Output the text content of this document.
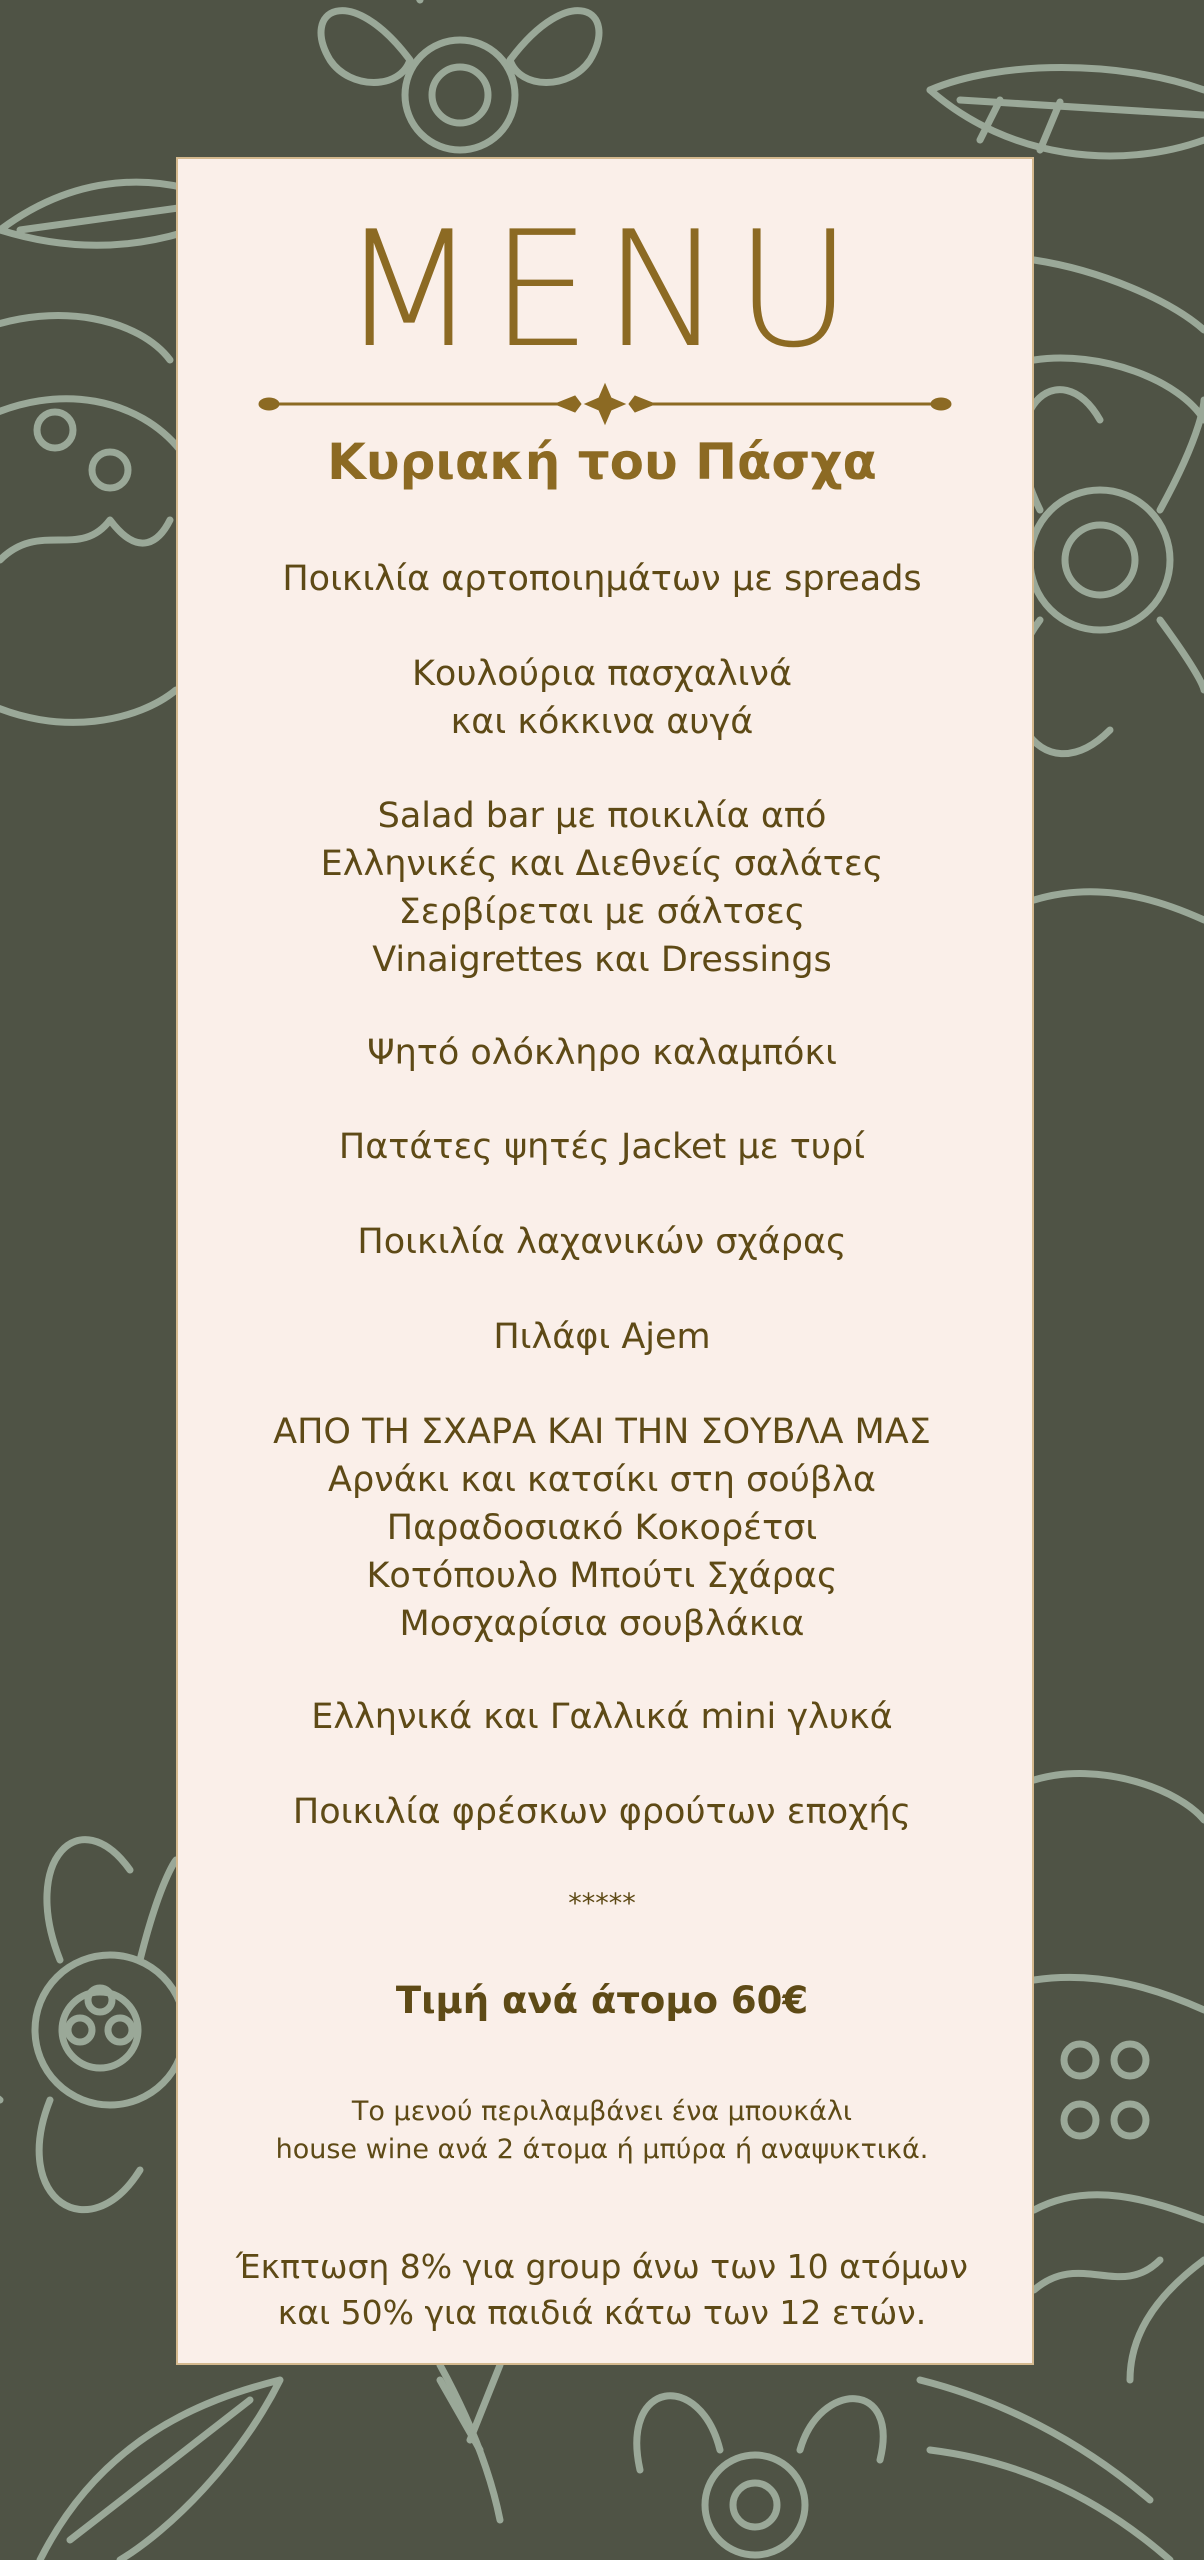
MENU
Κυριακή του Πάσχα
Ποικιλία αρτοποιημάτων με spreads
Κουλούρια πασχαλινά
και κόκκινα αυγά
Salad bar με ποικιλία από
Ελληνικές και Διεθνείς σαλάτες
Σερβίρεται με σάλτσες
Vinaigrettes και Dressings
Ψητό ολόκληρο καλαμπόκι
Πατάτες ψητές Jacket με τυρί
Ποικιλία λαχανικών σχάρας
Πιλάφι Ajem
ΑΠΟ ΤΗ ΣΧΑΡΑ ΚΑΙ ΤΗΝ ΣΟΥΒΛΑ ΜΑΣ
Αρνάκι και κατσίκι στη σούβλα
Παραδοσιακό Κοκορέτσι
Κοτόπουλο Μπούτι Σχάρας
Μοσχαρίσια σουβλάκια
Ελληνικά και Γαλλικά mini γλυκά
Ποικιλία φρέσκων φρούτων εποχής
*****
Τιμή ανά άτομο 60€
Το μενού περιλαμβάνει ένα μπουκάλι
house wine ανά 2 άτομα ή μπύρα ή αναψυκτικά.
Έκπτωση 8% για group άνω των 10 ατόμων
και 50% για παιδιά κάτω των 12 ετών.
